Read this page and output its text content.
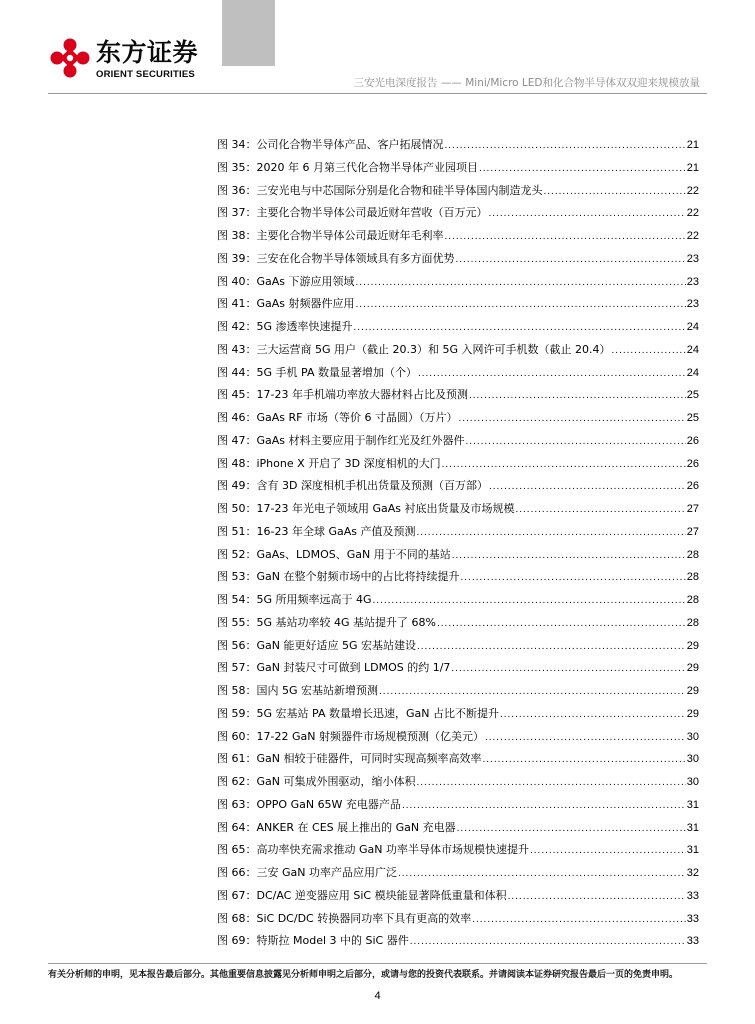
东方证券
ORIENT SECURITIES
三安光电深度报告 —— Mini/Micro LED和化合物半导体双双迎来规模放量
图 34：公司化合物半导体产品、客户拓展情况 .....	21
图 35：2020 年 6 月第三代化合物半导体产业园项目 .....	21
图 36：三安光电与中芯国际分别是化合物和硅半导体国内制造龙头 .....	22
图 37：主要化合物半导体公司最近财年营收（百万元） .....	22
图 38：主要化合物半导体公司最近财年毛利率 .....	22
图 39：三安在化合物半导体领域具有多方面优势 .....	23
图 40：GaAs 下游应用领域 .....	23
图 41：GaAs 射频器件应用 .....	23
图 42：5G 渗透率快速提升 .....	24
图 43：三大运营商 5G 用户（截止 20.3）和 5G 入网许可手机数（截止 20.4） .....	24
图 44：5G 手机 PA 数量显著增加（个） .....	24
图 45：17-23 年手机端功率放大器材料占比及预测 .....	25
图 46：GaAs RF 市场（等价 6 寸晶圆）（万片） .....	25
图 47：GaAs 材料主要应用于制作红光及红外器件 .....	26
图 48：iPhone X 开启了 3D 深度相机的大门 .....	26
图 49：含有 3D 深度相机手机出货量及预测（百万部） .....	26
图 50：17-23 年光电子领域用 GaAs 衬底出货量及市场规模 .....	27
图 51：16-23 年全球 GaAs 产值及预测 .....	27
图 52：GaAs、LDMOS、GaN 用于不同的基站 .....	28
图 53：GaN 在整个射频市场中的占比将持续提升 .....	28
图 54：5G 所用频率远高于 4G .....	28
图 55：5G 基站功率较 4G 基站提升了 68% .....	28
图 56：GaN 能更好适应 5G 宏基站建设 .....	29
图 57：GaN 封装尺寸可做到 LDMOS 的约 1/7 .....	29
图 58：国内 5G 宏基站新增预测 .....	29
图 59：5G 宏基站 PA 数量增长迅速，GaN 占比不断提升 .....	29
图 60：17-22 GaN 射频器件市场规模预测（亿美元） .....	30
图 61：GaN 相较于硅器件，可同时实现高频率高效率 .....	30
图 62：GaN 可集成外围驱动，缩小体积 .....	30
图 63：OPPO GaN 65W 充电器产品 .....	31
图 64：ANKER 在 CES 展上推出的 GaN 充电器 .....	31
图 65：高功率快充需求推动 GaN 功率半导体市场规模快速提升 .....	31
图 66：三安 GaN 功率产品应用广泛 .....	32
图 67：DC/AC 逆变器应用 SiC 模块能显著降低重量和体积 .....	33
图 68：SiC DC/DC 转换器同功率下具有更高的效率 .....	33
图 69：特斯拉 Model 3 中的 SiC 器件 .....	33
有关分析师的申明，见本报告最后部分。其他重要信息披露见分析师申明之后部分，或请与您的投资代表联系。并请阅读本证券研究报告最后一页的免责申明。
4
